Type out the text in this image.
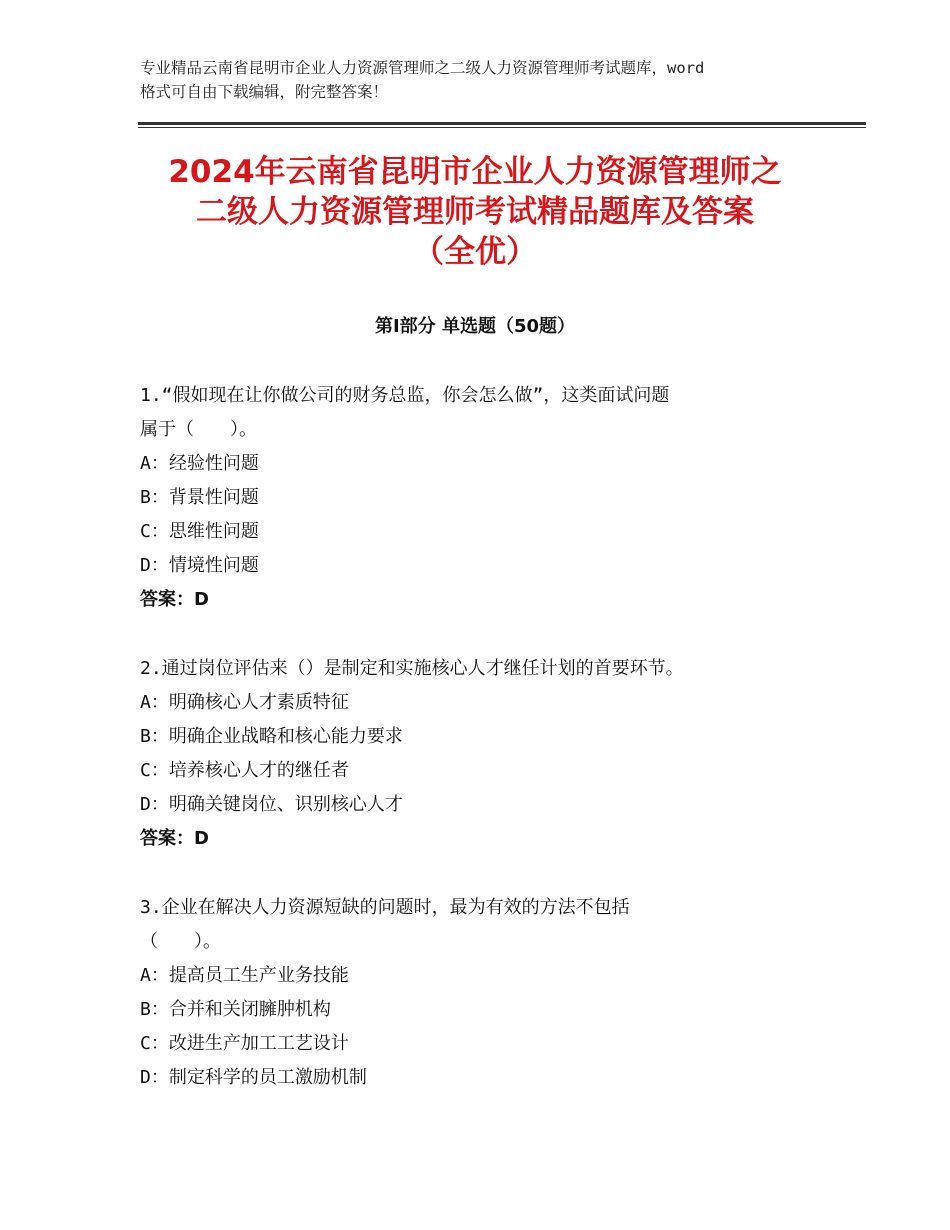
专业精品云南省昆明市企业人力资源管理师之二级人力资源管理师考试题库，word
格式可自由下载编辑，附完整答案！
2024年云南省昆明市企业人力资源管理师之
二级人力资源管理师考试精品题库及答案
（全优）
第Ⅰ部分 单选题（50题）
1.“假如现在让你做公司的财务总监，你会怎么做”，这类面试问题
属于（　　）。
A：经验性问题
B：背景性问题
C：思维性问题
D：情境性问题
答案：D
2.通过岗位评估来（）是制定和实施核心人才继任计划的首要环节。
A：明确核心人才素质特征
B：明确企业战略和核心能力要求
C：培养核心人才的继任者
D：明确关键岗位、识别核心人才
答案：D
3.企业在解决人力资源短缺的问题时，最为有效的方法不包括
（　　）。
A：提高员工生产业务技能
B：合并和关闭臃肿机构
C：改进生产加工工艺设计
D：制定科学的员工激励机制
